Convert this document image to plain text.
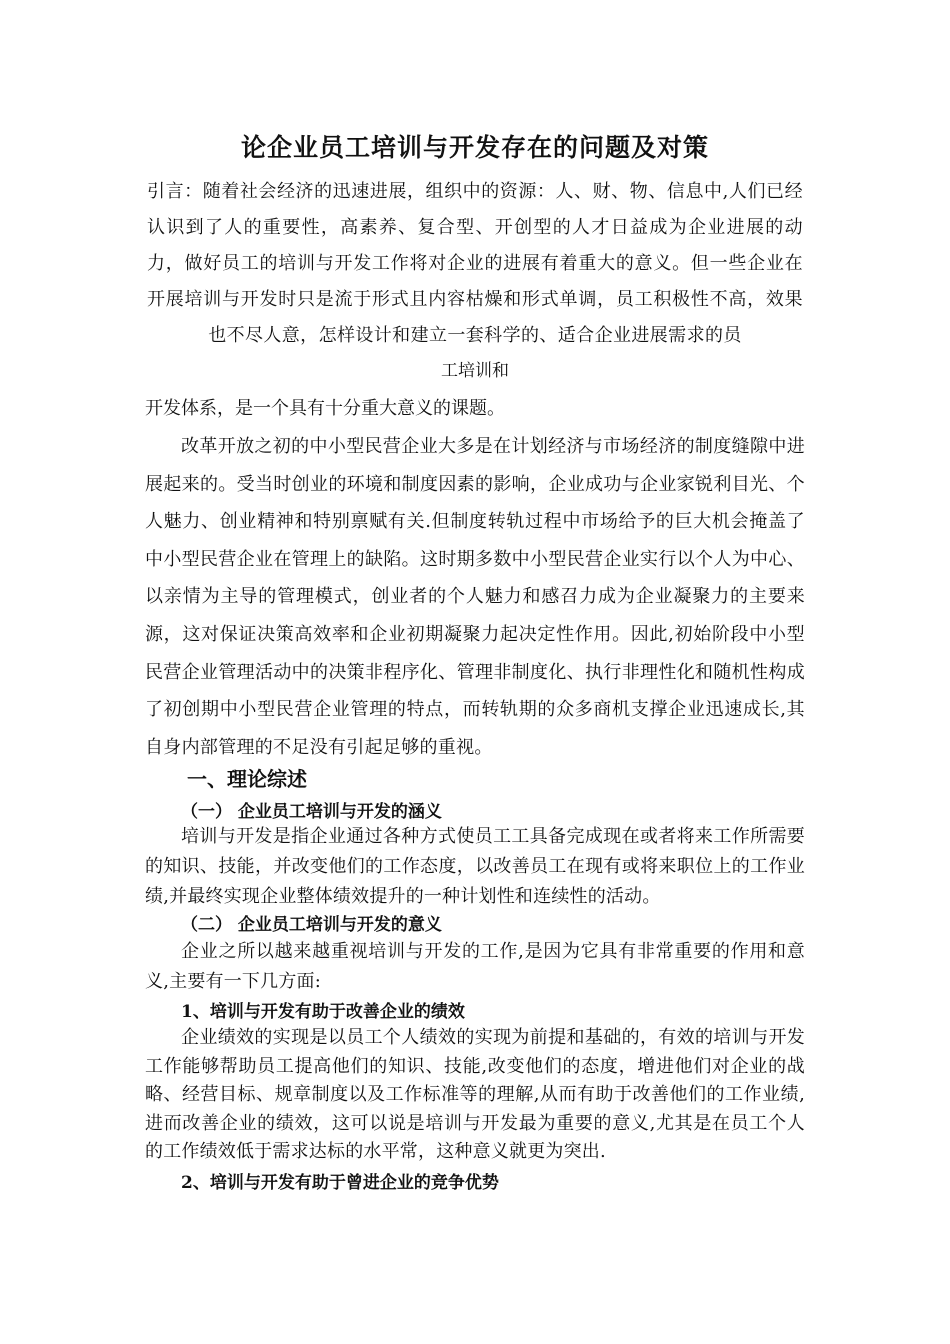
论企业员工培训与开发存在的问题及对策

引言：随着社会经济的迅速进展，组织中的资源：人、财、物、信息中,人们已经认识到了人的重要性，高素养、复合型、开创型的人才日益成为企业进展的动力，做好员工的培训与开发工作将对企业的进展有着重大的意义。但一些企业在开展培训与开发时只是流于形式且内容枯燥和形式单调，员工积极性不高，效果也不尽人意，怎样设计和建立一套科学的、适合企业进展需求的员

工培训和

开发体系，是一个具有十分重大意义的课题。

改革开放之初的中小型民营企业大多是在计划经济与市场经济的制度缝隙中进展起来的。受当时创业的环境和制度因素的影响，企业成功与企业家锐利目光、个人魅力、创业精神和特别禀赋有关.但制度转轨过程中市场给予的巨大机会掩盖了中小型民营企业在管理上的缺陷。这时期多数中小型民营企业实行以个人为中心、以亲情为主导的管理模式，创业者的个人魅力和感召力成为企业凝聚力的主要来源，这对保证决策高效率和企业初期凝聚力起决定性作用。因此,初始阶段中小型民营企业管理活动中的决策非程序化、管理非制度化、执行非理性化和随机性构成了初创期中小型民营企业管理的特点，而转轨期的众多商机支撑企业迅速成长,其自身内部管理的不足没有引起足够的重视。

一、理论综述
（一） 企业员工培训与开发的涵义

培训与开发是指企业通过各种方式使员工工具备完成现在或者将来工作所需要的知识、技能，并改变他们的工作态度，以改善员工在现有或将来职位上的工作业绩,并最终实现企业整体绩效提升的一种计划性和连续性的活动。

（二） 企业员工培训与开发的意义

企业之所以越来越重视培训与开发的工作,是因为它具有非常重要的作用和意义,主要有一下几方面:

1、培训与开发有助于改善企业的绩效

企业绩效的实现是以员工个人绩效的实现为前提和基础的，有效的培训与开发工作能够帮助员工提高他们的知识、技能,改变他们的态度，增进他们对企业的战略、经营目标、规章制度以及工作标准等的理解,从而有助于改善他们的工作业绩,进而改善企业的绩效，这可以说是培训与开发最为重要的意义,尤其是在员工个人的工作绩效低于需求达标的水平常，这种意义就更为突出.

2、培训与开发有助于曾进企业的竞争优势
